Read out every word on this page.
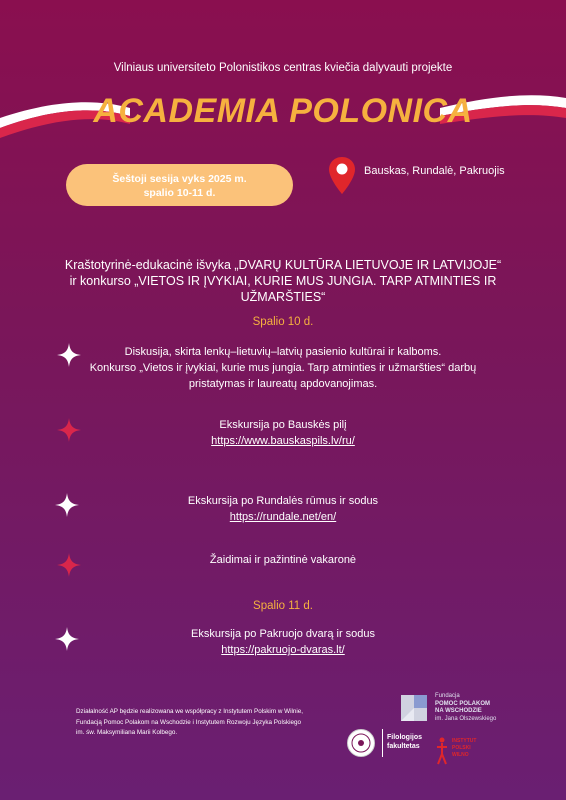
Vilniaus universiteto Polonistikos centras kviečia dalyvauti projekte
ACADEMIA POLONICA
Šeštoji sesija vyks 2025 m.
spalio 10-11 d.
Bauskas, Rundalė, Pakruojis
Kraštotyrinė-edukacinė išvyka „DVARŲ KULTŪRA LIETUVOJE IR LATVIJOJE“
ir konkurso „VIETOS IR ĮVYKIAI, KURIE MUS JUNGIA. TARP ATMINTIES IR
UŽMARŠTIES“
Spalio 10 d.
Diskusija, skirta lenkų–lietuvių–latvių pasienio kultūrai ir kalboms.
Konkurso „Vietos ir įvykiai, kurie mus jungia. Tarp atminties ir užmaršties“ darbų
pristatymas ir laureatų apdovanojimas.
Ekskursija po Bauskės pilį
https://www.bauskaspils.lv/ru/
Ekskursija po Rundalės rūmus ir sodus
https://rundale.net/en/
Žaidimai ir pažintinė vakaronė
Spalio 11 d.
Ekskursija po Pakruojo dvarą ir sodus
https://pakruojo-dvaras.lt/
Działalność AP będzie realizowana we współpracy z Instytutem Polskim w Wilnie, Fundacją Pomoc Polakom na Wschodzie i Instytutem Rozwoju Języka Polskiego im. św. Maksymiliana Marii Kolbego.
Filologijos fakultetas
Fundacja
POMOC POLAKOM
NA WSCHODZIE
im. Jana Olszewskiego
INSTYTUT POLSKI WILNO
